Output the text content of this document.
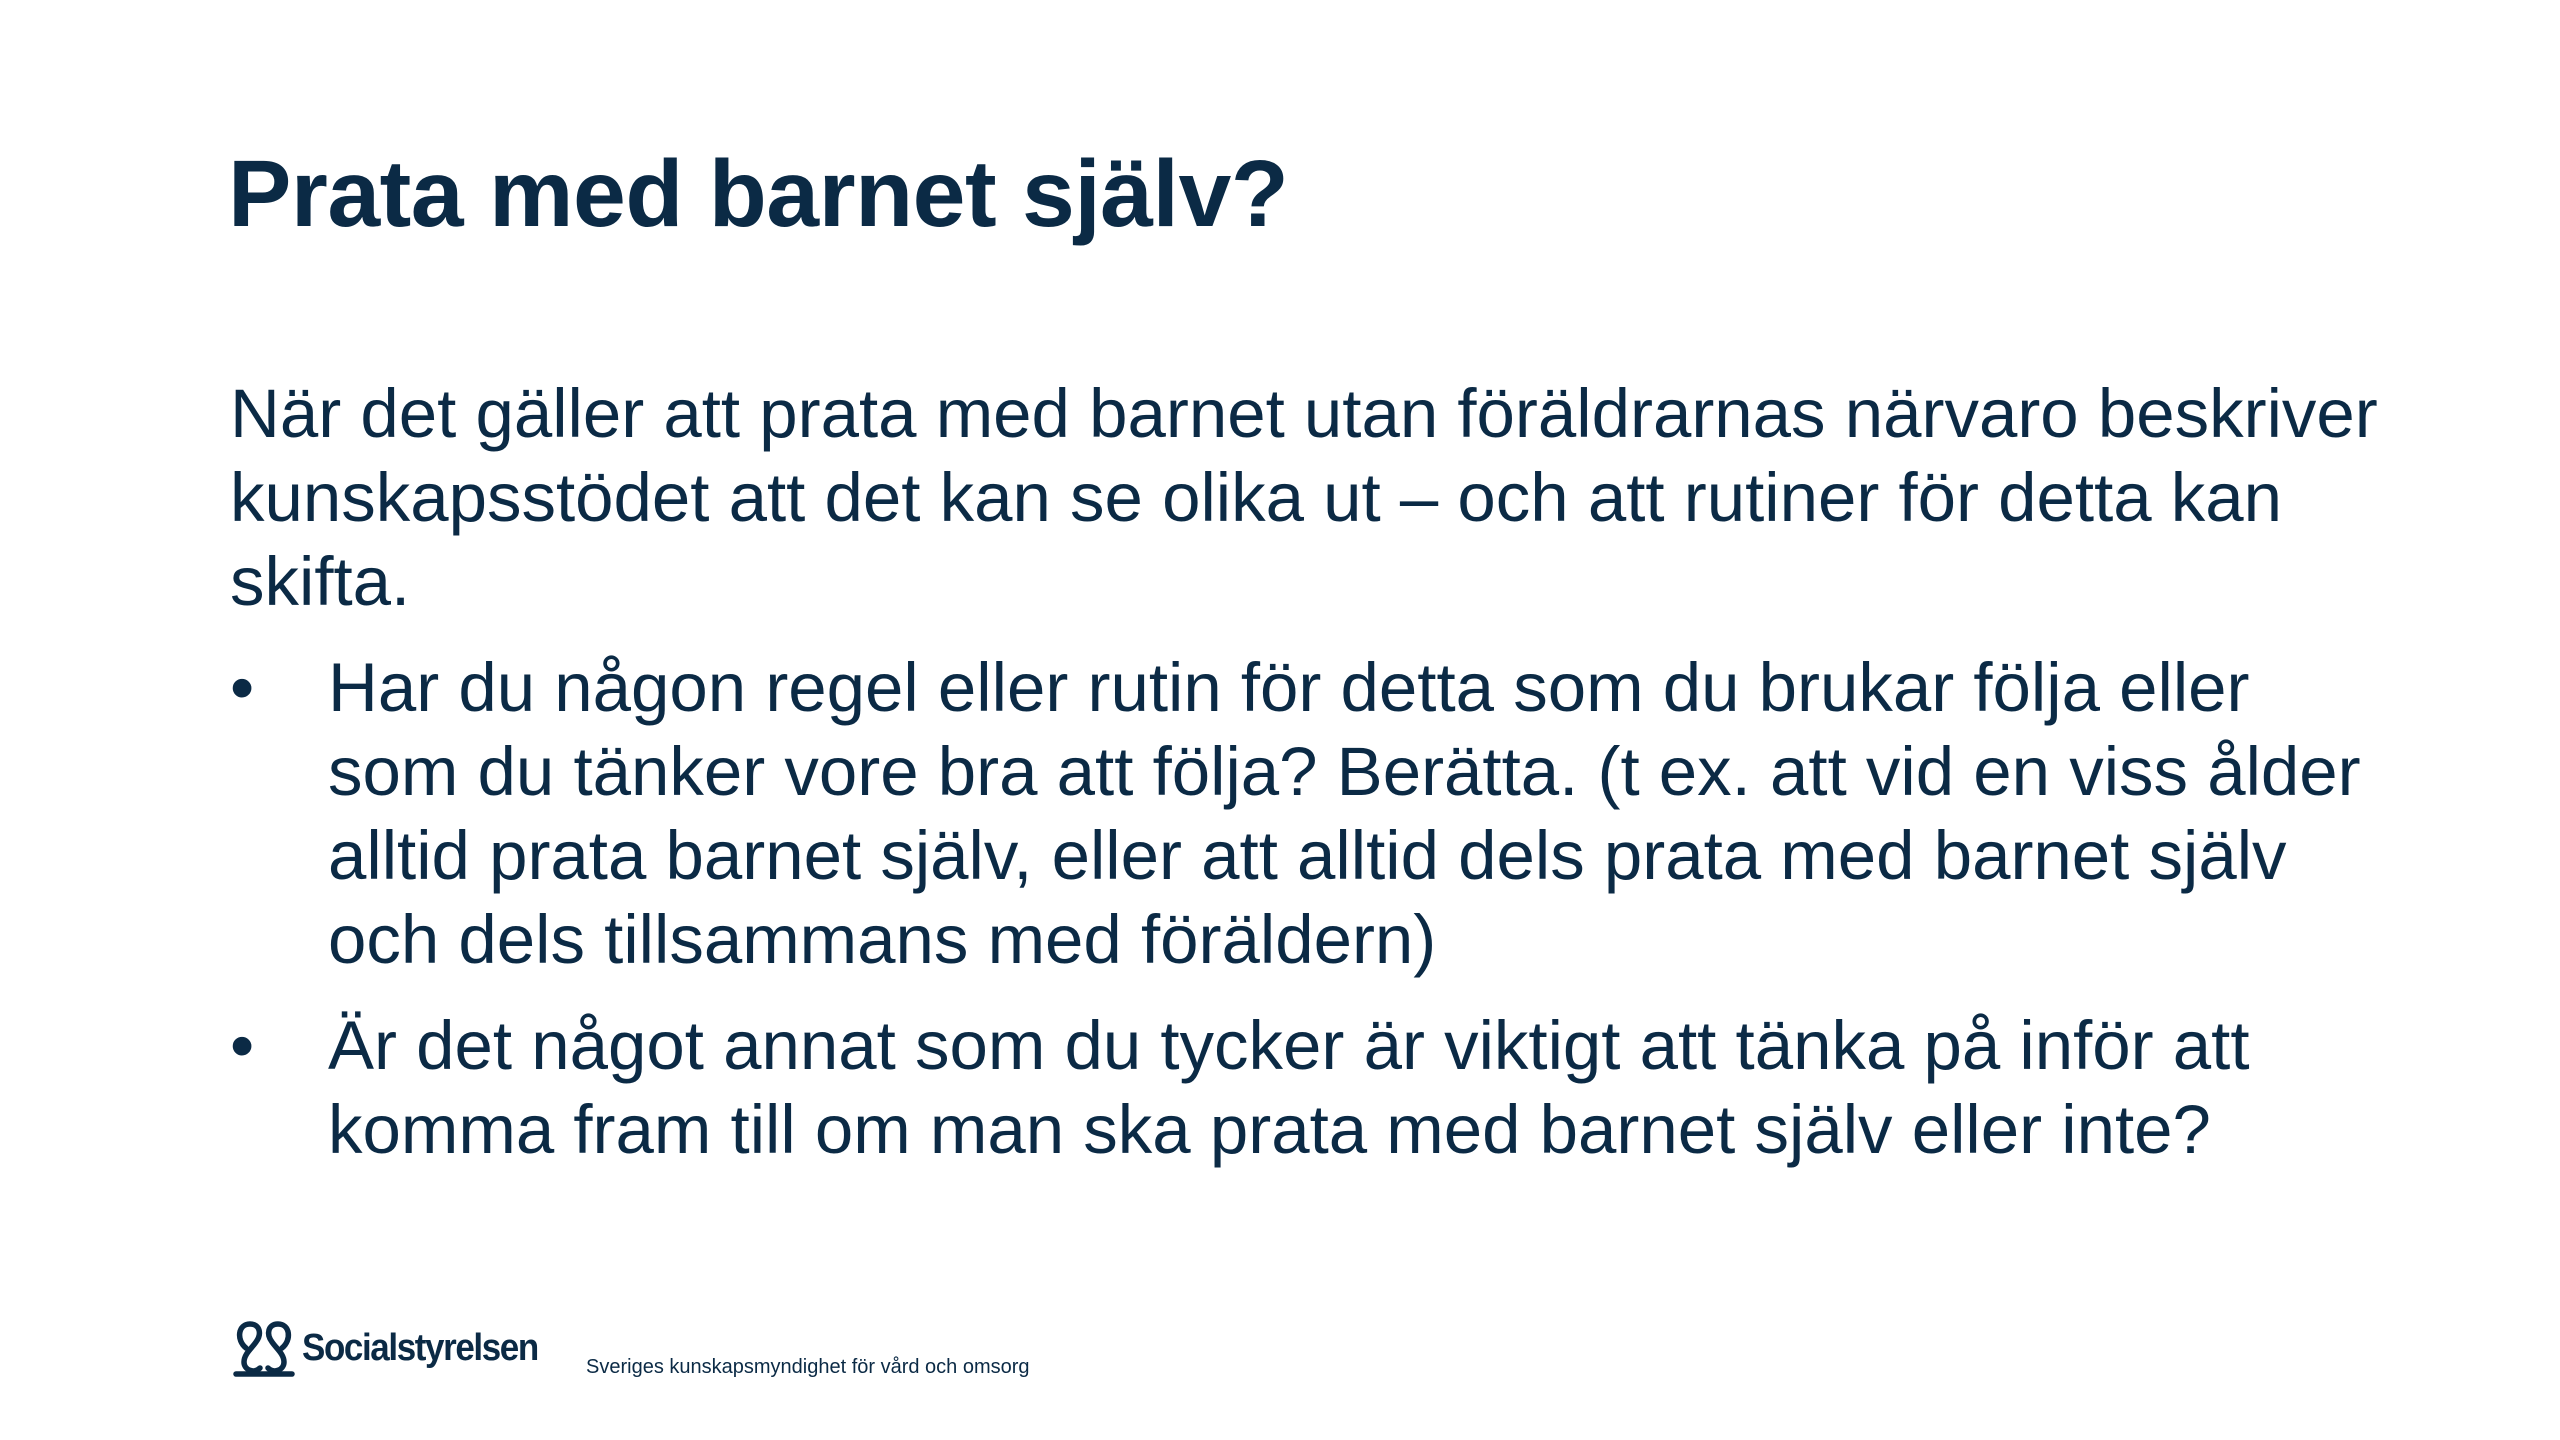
Prata med barnet själv?

När det gäller att prata med barnet utan föräldrarnas närvaro beskriver kunskapsstödet att det kan se olika ut – och att rutiner för detta kan skifta.

• Har du någon regel eller rutin för detta som du brukar följa eller som du tänker vore bra att följa? Berätta. (t ex. att vid en viss ålder alltid prata barnet själv, eller att alltid dels prata med barnet själv och dels tillsammans med föräldern)
• Är det något annat som du tycker är viktigt att tänka på inför att komma fram till om man ska prata med barnet själv eller inte?
Socialstyrelsen Sveriges kunskapsmyndighet för vård och omsorg
